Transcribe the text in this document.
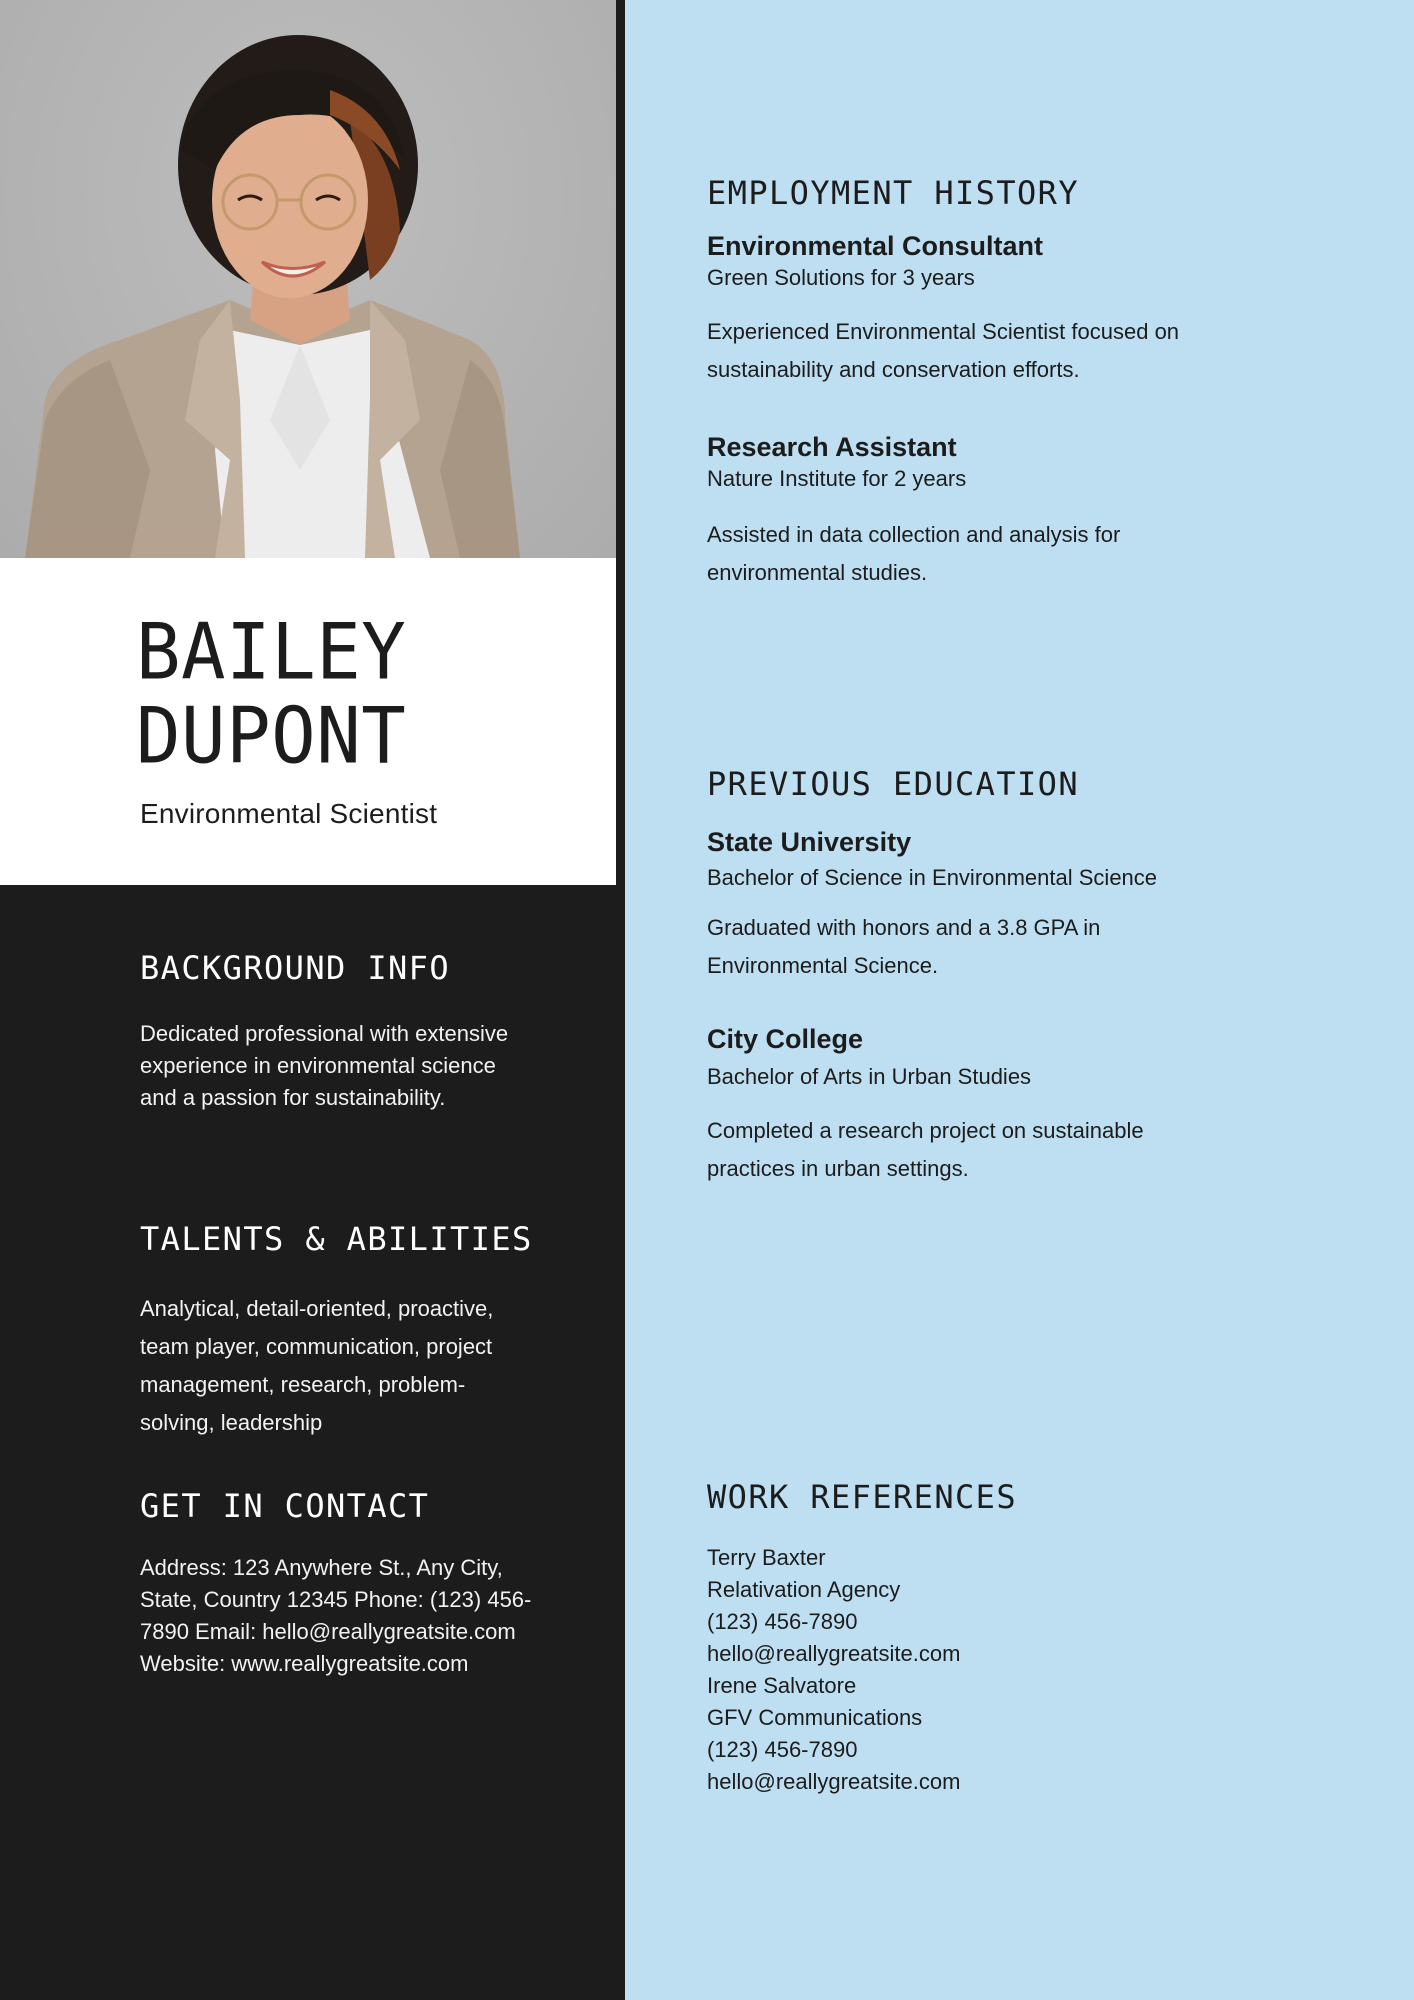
BAILEY
DUPONT
Environmental Scientist
BACKGROUND INFO
Dedicated professional with extensive
experience in environmental science
and a passion for sustainability.
TALENTS & ABILITIES
Analytical, detail-oriented, proactive,
team player, communication, project
management, research, problem-
solving, leadership
GET IN CONTACT
Address: 123 Anywhere St., Any City,
State, Country 12345 Phone: (123) 456-
7890 Email: hello@reallygreatsite.com
Website: www.reallygreatsite.com
EMPLOYMENT HISTORY
Environmental Consultant
Green Solutions for 3 years
Experienced Environmental Scientist focused on
sustainability and conservation efforts.
Research Assistant
Nature Institute for 2 years
Assisted in data collection and analysis for
environmental studies.
PREVIOUS EDUCATION
State University
Bachelor of Science in Environmental Science
Graduated with honors and a 3.8 GPA in
Environmental Science.
City College
Bachelor of Arts in Urban Studies
Completed a research project on sustainable
practices in urban settings.
WORK REFERENCES
Terry Baxter
Relativation Agency
(123) 456-7890
hello@reallygreatsite.com
Irene Salvatore
GFV Communications
(123) 456-7890
hello@reallygreatsite.com
